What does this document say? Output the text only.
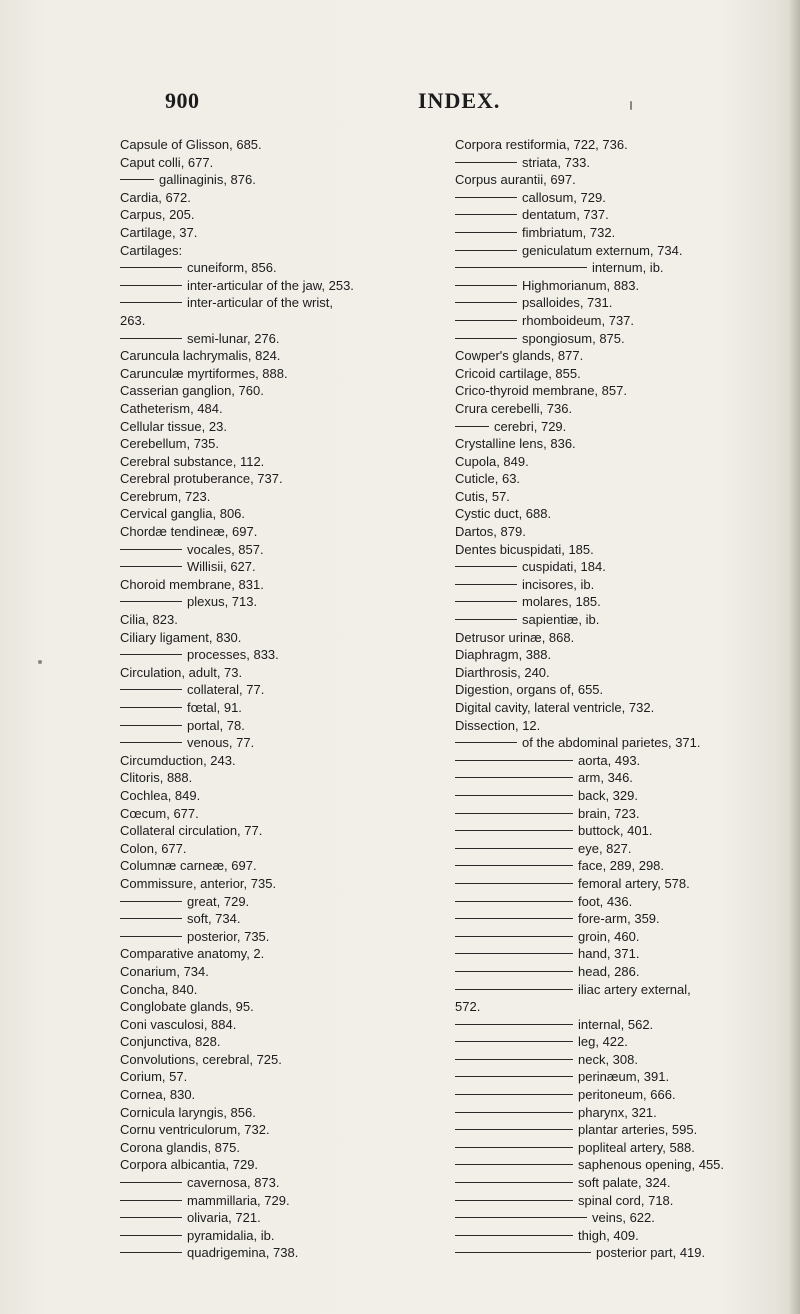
900	INDEX.
Capsule of Glisson, 685.
Caput colli, 677.
gallinaginis, 876.
Cardia, 672.
Carpus, 205.
Cartilage, 37.
Cartilages:
cuneiform, 856.
inter-articular of the jaw, 253.
inter-articular of the wrist,
263.
semi-lunar, 276.
Caruncula lachrymalis, 824.
Carunculæ myrtiformes, 888.
Casserian ganglion, 760.
Catheterism, 484.
Cellular tissue, 23.
Cerebellum, 735.
Cerebral substance, 112.
Cerebral protuberance, 737.
Cerebrum, 723.
Cervical ganglia, 806.
Chordæ tendineæ, 697.
vocales, 857.
Willisii, 627.
Choroid membrane, 831.
plexus, 713.
Cilia, 823.
Ciliary ligament, 830.
processes, 833.
Circulation, adult, 73.
collateral, 77.
fœtal, 91.
portal, 78.
venous, 77.
Circumduction, 243.
Clitoris, 888.
Cochlea, 849.
Cœcum, 677.
Collateral circulation, 77.
Colon, 677.
Columnæ carneæ, 697.
Commissure, anterior, 735.
great, 729.
soft, 734.
posterior, 735.
Comparative anatomy, 2.
Conarium, 734.
Concha, 840.
Conglobate glands, 95.
Coni vasculosi, 884.
Conjunctiva, 828.
Convolutions, cerebral, 725.
Corium, 57.
Cornea, 830.
Cornicula laryngis, 856.
Cornu ventriculorum, 732.
Corona glandis, 875.
Corpora albicantia, 729.
cavernosa, 873.
mammillaria, 729.
olivaria, 721.
pyramidalia, ib.
quadrigemina, 738.
Corpora restiformia, 722, 736.
striata, 733.
Corpus aurantii, 697.
callosum, 729.
dentatum, 737.
fimbriatum, 732.
geniculatum externum, 734.
internum, ib.
Highmorianum, 883.
psalloides, 731.
rhomboideum, 737.
spongiosum, 875.
Cowper's glands, 877.
Cricoid cartilage, 855.
Crico-thyroid membrane, 857.
Crura cerebelli, 736.
cerebri, 729.
Crystalline lens, 836.
Cupola, 849.
Cuticle, 63.
Cutis, 57.
Cystic duct, 688.
Dartos, 879.
Dentes bicuspidati, 185.
cuspidati, 184.
incisores, ib.
molares, 185.
sapientiæ, ib.
Detrusor urinæ, 868.
Diaphragm, 388.
Diarthrosis, 240.
Digestion, organs of, 655.
Digital cavity, lateral ventricle, 732.
Dissection, 12.
of the abdominal parietes, 371.
aorta, 493.
arm, 346.
back, 329.
brain, 723.
buttock, 401.
eye, 827.
face, 289, 298.
femoral artery, 578.
foot, 436.
fore-arm, 359.
groin, 460.
hand, 371.
head, 286.
iliac artery external,
572.
internal, 562.
leg, 422.
neck, 308.
perinæum, 391.
peritoneum, 666.
pharynx, 321.
plantar arteries, 595.
popliteal artery, 588.
saphenous opening, 455.
soft palate, 324.
spinal cord, 718.
veins, 622.
thigh, 409.
posterior part, 419.
